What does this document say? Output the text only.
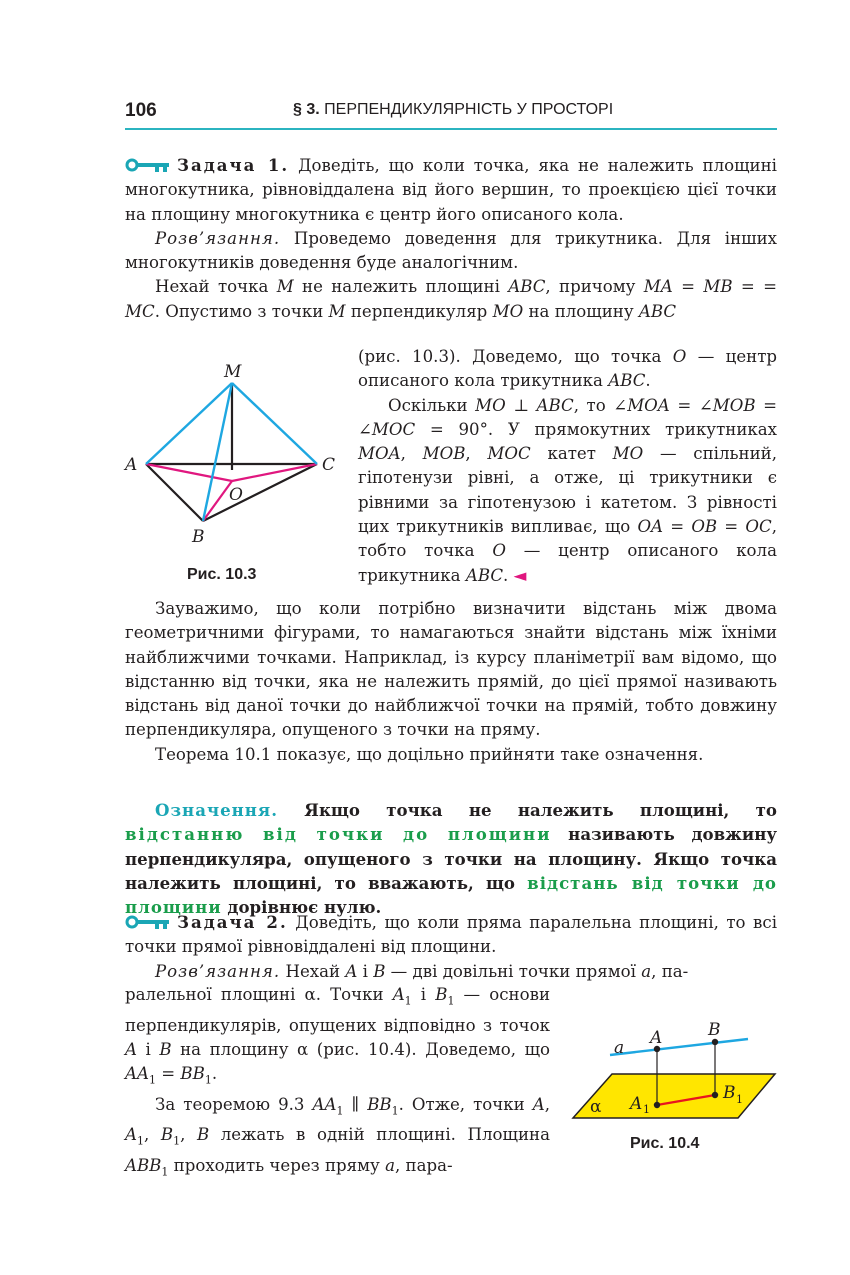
106	§ 3. ПЕРПЕНДИКУЛЯРНІСТЬ У ПРОСТОРІ

Задача 1. Доведіть, що коли точка, яка не належить площині многокутника, рівновіддалена від його вершин, то проекцією цієї точки на площину многокутника є центр його описаного кола.

Розв’язання. Проведемо доведення для трикутника. Для інших многокутників доведення буде аналогічним.

Нехай точка M не належить площині ABC, причому MA = MB = = MC. Опустимо з точки M перпендикуляр MO на площину ABC

M
A	C
O
B
Рис. 10.3

(рис. 10.3). Доведемо, що точка O — центр описаного кола трикутника ABC.

Оскільки MO ⊥ ABC, то ∠MOA = ∠MOB = ∠MOC = 90°. У прямокутних трикутниках MOA, MOB, MOC катет MO — спільний, гіпотенузи рівні, а отже, ці трикутники є рівними за гіпотенузою і катетом. З рівності цих трикутників випливає, що OA = OB = OC, тобто точка O — центр описаного кола трикутника ABC. ◄

Зауважимо, що коли потрібно визначити відстань між двома геометричними фігурами, то намагаються знайти відстань між їхніми найближчими точками. Наприклад, із курсу планіметрії вам відомо, що відстанню від точки, яка не належить прямій, до цієї прямої називають відстань від даної точки до найближчої точки на прямій, тобто довжину перпендикуляра, опущеного з точки на пряму.

Теорема 10.1 показує, що доцільно прийняти таке означення.

Означення. Якщо точка не належить площині, то відстанню від точки до площини називають довжину перпендикуляра, опущеного з точки на площину. Якщо точка належить площині, то вважають, що відстань від точки до площини дорівнює нулю.

Задача 2. Доведіть, що коли пряма паралельна площині, то всі точки прямої рівновіддалені від площини.

Розв’язання. Нехай A і B — дві довільні точки прямої a, па-

ралельної площині α. Точки $A_1$ і $B_1$ — основи перпендикулярів, опущених відповідно з точок A і B на площину α (рис. 10.4). Доведемо, що $AA_1 = BB_1$.

За теоремою 9.3 $AA_1$ ∥ $BB_1$. Отже, точки A, $A_1$, $B_1$, B лежать в одній площині. Площина $ABB_1$ проходить через пряму a, пара-

a A	B
A 1
B 1
α
Рис. 10.4
